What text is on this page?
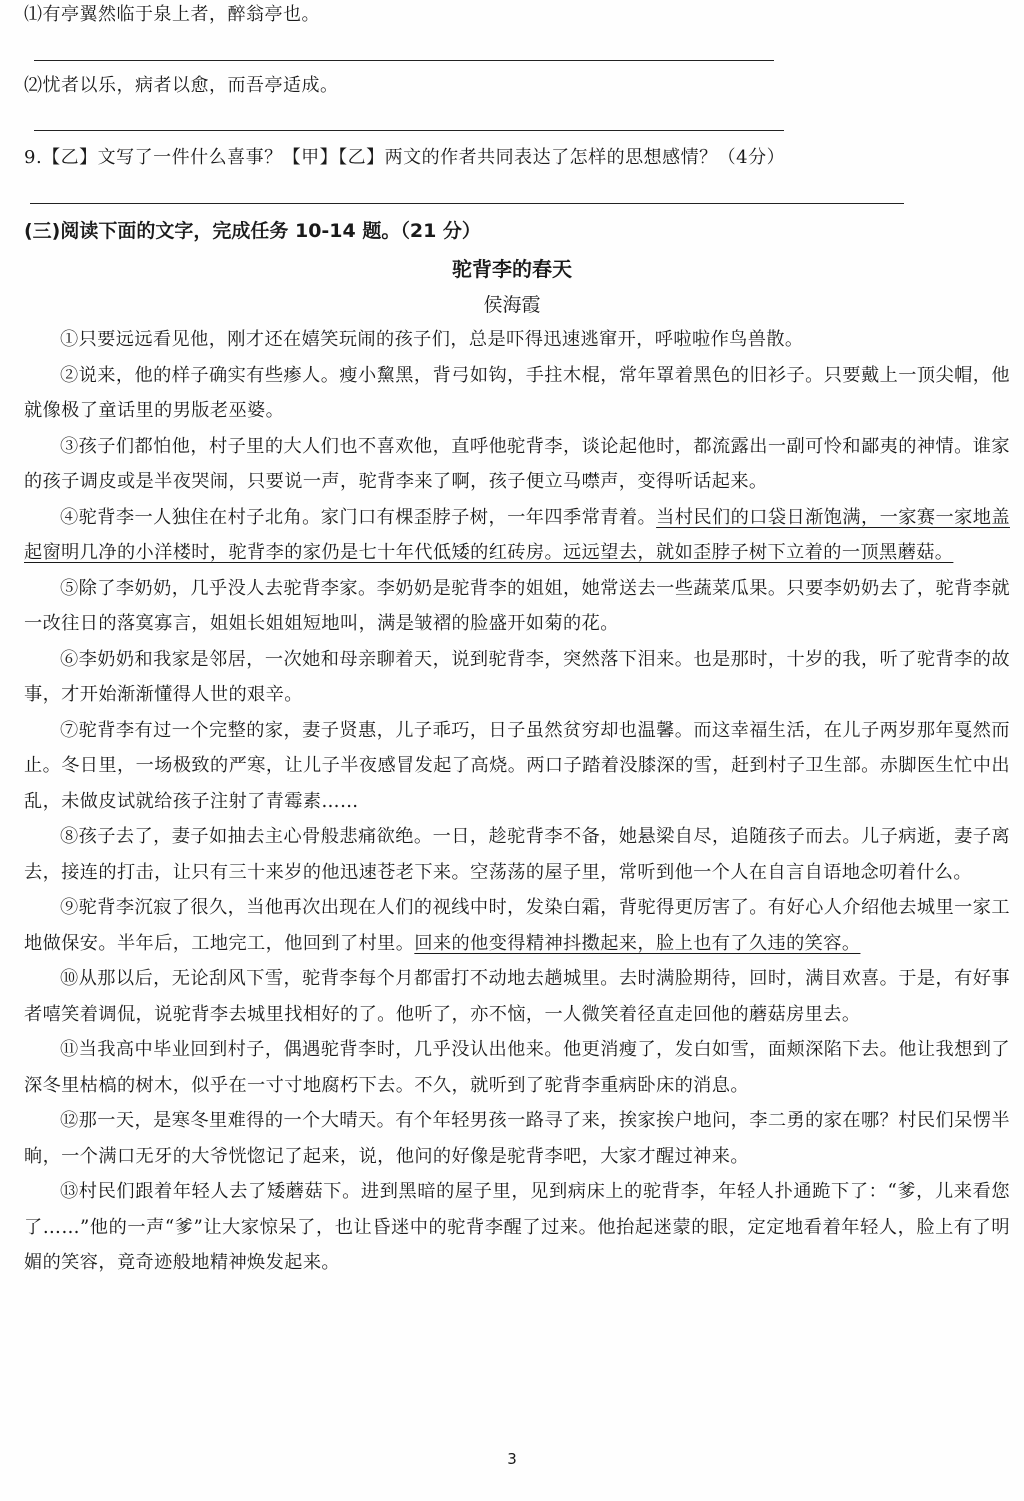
⑴有亭翼然临于泉上者，醉翁亭也。
⑵忧者以乐，病者以愈，而吾亭适成。
9.【乙】文写了一件什么喜事？【甲】【乙】两文的作者共同表达了怎样的思想感情？（4分）
(三)阅读下面的文字，完成任务 10-14 题。（21 分）
驼背李的春天
侯海霞

①只要远远看见他，刚才还在嬉笑玩闹的孩子们，总是吓得迅速逃窜开，呼啦啦作鸟兽散。

②说来，他的样子确实有些瘆人。瘦小黧黑，背弓如钩，手拄木棍，常年罩着黑色的旧衫子。只要戴上一顶尖帽，他就像极了童话里的男版老巫婆。

③孩子们都怕他，村子里的大人们也不喜欢他，直呼他驼背李，谈论起他时，都流露出一副可怜和鄙夷的神情。谁家的孩子调皮或是半夜哭闹，只要说一声，驼背李来了啊，孩子便立马噤声，变得听话起来。

④驼背李一人独住在村子北角。家门口有棵歪脖子树，一年四季常青着。当村民们的口袋日渐饱满，一家赛一家地盖起窗明几净的小洋楼时，驼背李的家仍是七十年代低矮的红砖房。远远望去，就如歪脖子树下立着的一顶黑蘑菇。

⑤除了李奶奶，几乎没人去驼背李家。李奶奶是驼背李的姐姐，她常送去一些蔬菜瓜果。只要李奶奶去了，驼背李就一改往日的落寞寡言，姐姐长姐姐短地叫，满是皱褶的脸盛开如菊的花。

⑥李奶奶和我家是邻居，一次她和母亲聊着天，说到驼背李，突然落下泪来。也是那时，十岁的我，听了驼背李的故事，才开始渐渐懂得人世的艰辛。

⑦驼背李有过一个完整的家，妻子贤惠，儿子乖巧，日子虽然贫穷却也温馨。而这幸福生活，在儿子两岁那年戛然而止。冬日里，一场极致的严寒，让儿子半夜感冒发起了高烧。两口子踏着没膝深的雪，赶到村子卫生部。赤脚医生忙中出乱，未做皮试就给孩子注射了青霉素……

⑧孩子去了，妻子如抽去主心骨般悲痛欲绝。一日，趁驼背李不备，她悬梁自尽，追随孩子而去。儿子病逝，妻子离去，接连的打击，让只有三十来岁的他迅速苍老下来。空荡荡的屋子里，常听到他一个人在自言自语地念叨着什么。

⑨驼背李沉寂了很久，当他再次出现在人们的视线中时，发染白霜，背驼得更厉害了。有好心人介绍他去城里一家工地做保安。半年后，工地完工，他回到了村里。回来的他变得精神抖擞起来，脸上也有了久违的笑容。

⑩从那以后，无论刮风下雪，驼背李每个月都雷打不动地去趟城里。去时满脸期待，回时，满目欢喜。于是，有好事者嘻笑着调侃，说驼背李去城里找相好的了。他听了，亦不恼，一人微笑着径直走回他的蘑菇房里去。

⑪当我高中毕业回到村子，偶遇驼背李时，几乎没认出他来。他更消瘦了，发白如雪，面颊深陷下去。他让我想到了深冬里枯槁的树木，似乎在一寸寸地腐朽下去。不久，就听到了驼背李重病卧床的消息。

⑫那一天，是寒冬里难得的一个大晴天。有个年轻男孩一路寻了来，挨家挨户地问，李二勇的家在哪？村民们呆愣半晌，一个满口无牙的大爷恍惚记了起来，说，他问的好像是驼背李吧，大家才醒过神来。

⑬村民们跟着年轻人去了矮蘑菇下。进到黑暗的屋子里，见到病床上的驼背李，年轻人扑通跪下了：“爹，儿来看您了……”他的一声“爹”让大家惊呆了，也让昏迷中的驼背李醒了过来。他抬起迷蒙的眼，定定地看着年轻人，脸上有了明媚的笑容，竟奇迹般地精神焕发起来。

3
